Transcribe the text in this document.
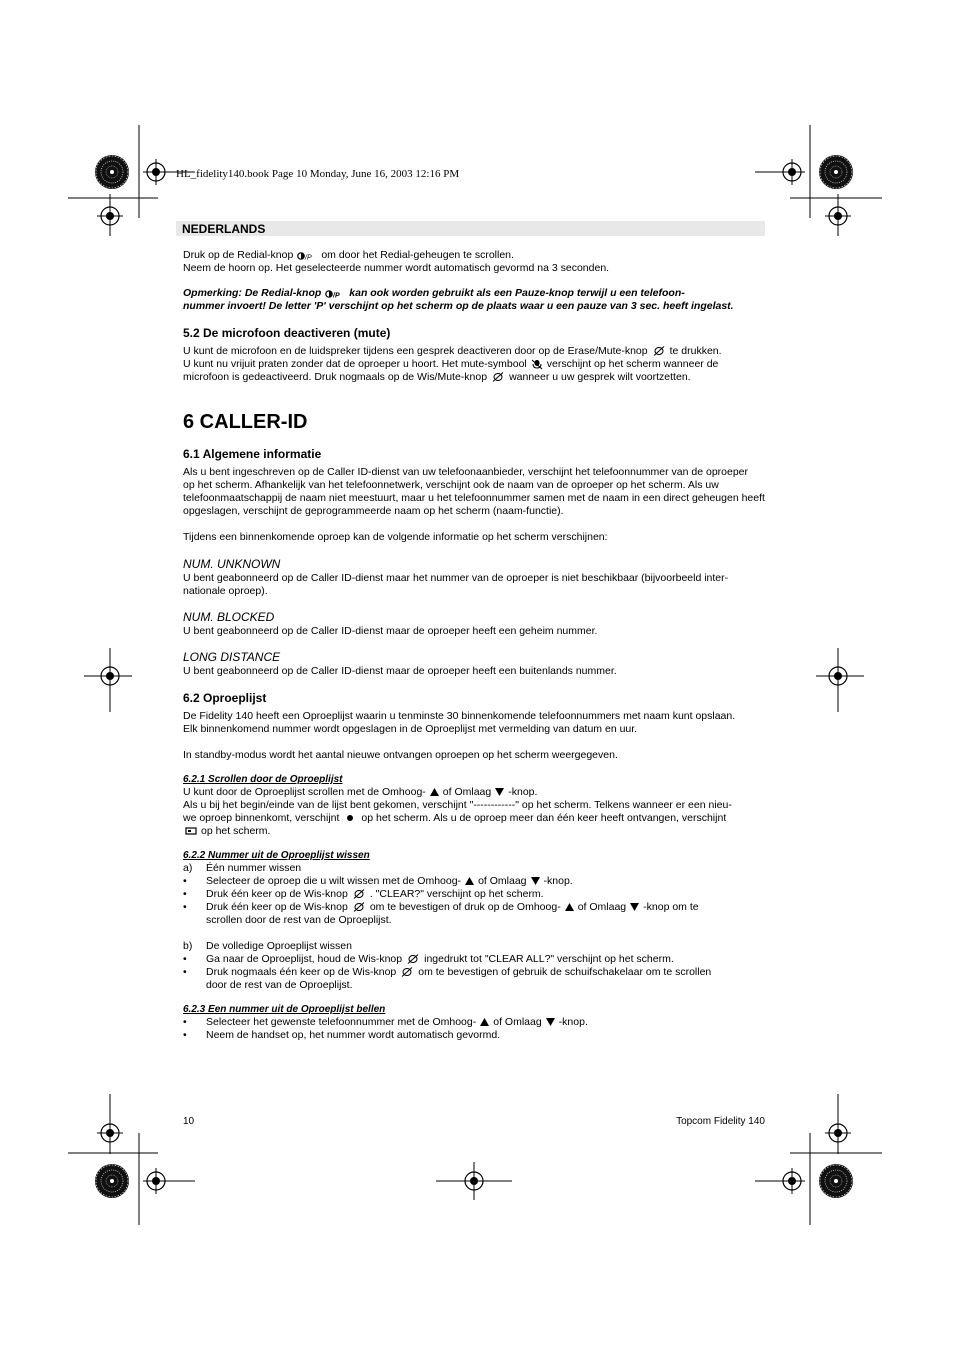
HL_fidelity140.book Page 10 Monday, June 16, 2003 12:16 PM
NEDERLANDS

Druk op de Redial-knop /P om door het Redial-geheugen te scrollen.

Neem de hoorn op. Het geselecteerde nummer wordt automatisch gevormd na 3 seconden.

Opmerking: De Redial-knop /P kan ook worden gebruikt als een Pauze-knop terwijl u een telefoon-
nummer invoert! De letter 'P' verschijnt op het scherm op de plaats waar u een pauze van 3 sec. heeft ingelast.

5.2 De microfoon deactiveren (mute)

U kunt de microfoon en de luidspreker tijdens een gesprek deactiveren door op de Erase/Mute-knop te drukken.
U kunt nu vrijuit praten zonder dat de oproeper u hoort. Het mute-symbool verschijnt op het scherm wanneer de
microfoon is gedeactiveerd. Druk nogmaals op de Wis/Mute-knop wanneer u uw gesprek wilt voortzetten.

6 CALLER-ID

6.1 Algemene informatie

Als u bent ingeschreven op de Caller ID-dienst van uw telefoonaanbieder, verschijnt het telefoonnummer van de oproeper

op het scherm. Afhankelijk van het telefoonnetwerk, verschijnt ook de naam van de oproeper op het scherm. Als uw telefoonmaatschappij de naam niet meestuurt, maar u het telefoonnummer samen met de naam in een direct geheugen heeft opgeslagen, verschijnt de geprogrammeerde naam op het scherm (naam-functie).

Tijdens een binnenkomende oproep kan de volgende informatie op het scherm verschijnen:

NUM. UNKNOWN

U bent geabonneerd op de Caller ID-dienst maar het nummer van de oproeper is niet beschikbaar (bijvoorbeeld inter-nationale oproep).

NUM. BLOCKED

U bent geabonneerd op de Caller ID-dienst maar de oproeper heeft een geheim nummer.

LONG DISTANCE

U bent geabonneerd op de Caller ID-dienst maar de oproeper heeft een buitenlands nummer.

6.2 Oproeplijst

De Fidelity 140 heeft een Oproeplijst waarin u tenminste 30 binnenkomende telefoonnummers met naam kunt opslaan.

Elk binnenkomend nummer wordt opgeslagen in de Oproeplijst met vermelding van datum en uur.

In standby-modus wordt het aantal nieuwe ontvangen oproepen op het scherm weergegeven.

6.2.1 Scrollen door de Oproeplijst

U kunt door de Oproeplijst scrollen met de Omhoog- of Omlaag -knop.
Als u bij het begin/einde van de lijst bent gekomen, verschijnt "------------" op het scherm. Telkens wanneer er een nieu-
we oproep binnenkomt, verschijnt op het scherm. Als u de oproep meer dan één keer heeft ontvangen, verschijnt
op het scherm.

6.2.2 Nummer uit de Oproeplijst wissen

a)	Één nummer wissen
•	Selecteer de oproep die u wilt wissen met de Omhoog- of Omlaag -knop.
•	Druk één keer op de Wis-knop . "CLEAR?" verschijnt op het scherm.
•	Druk één keer op de Wis-knop om te bevestigen of druk op de Omhoog- of Omlaag -knop om te
scrollen door de rest van de Oproeplijst.
b)	De volledige Oproeplijst wissen
•	Ga naar de Oproeplijst, houd de Wis-knop ingedrukt tot "CLEAR ALL?" verschijnt op het scherm.
•	Druk nogmaals één keer op de Wis-knop om te bevestigen of gebruik de schuifschakelaar om te scrollen
door de rest van de Oproeplijst.

6.2.3 Een nummer uit de Oproeplijst bellen

•	Selecteer het gewenste telefoonnummer met de Omhoog- of Omlaag -knop.
•	Neem de handset op, het nummer wordt automatisch gevormd.
10	Topcom Fidelity 140
